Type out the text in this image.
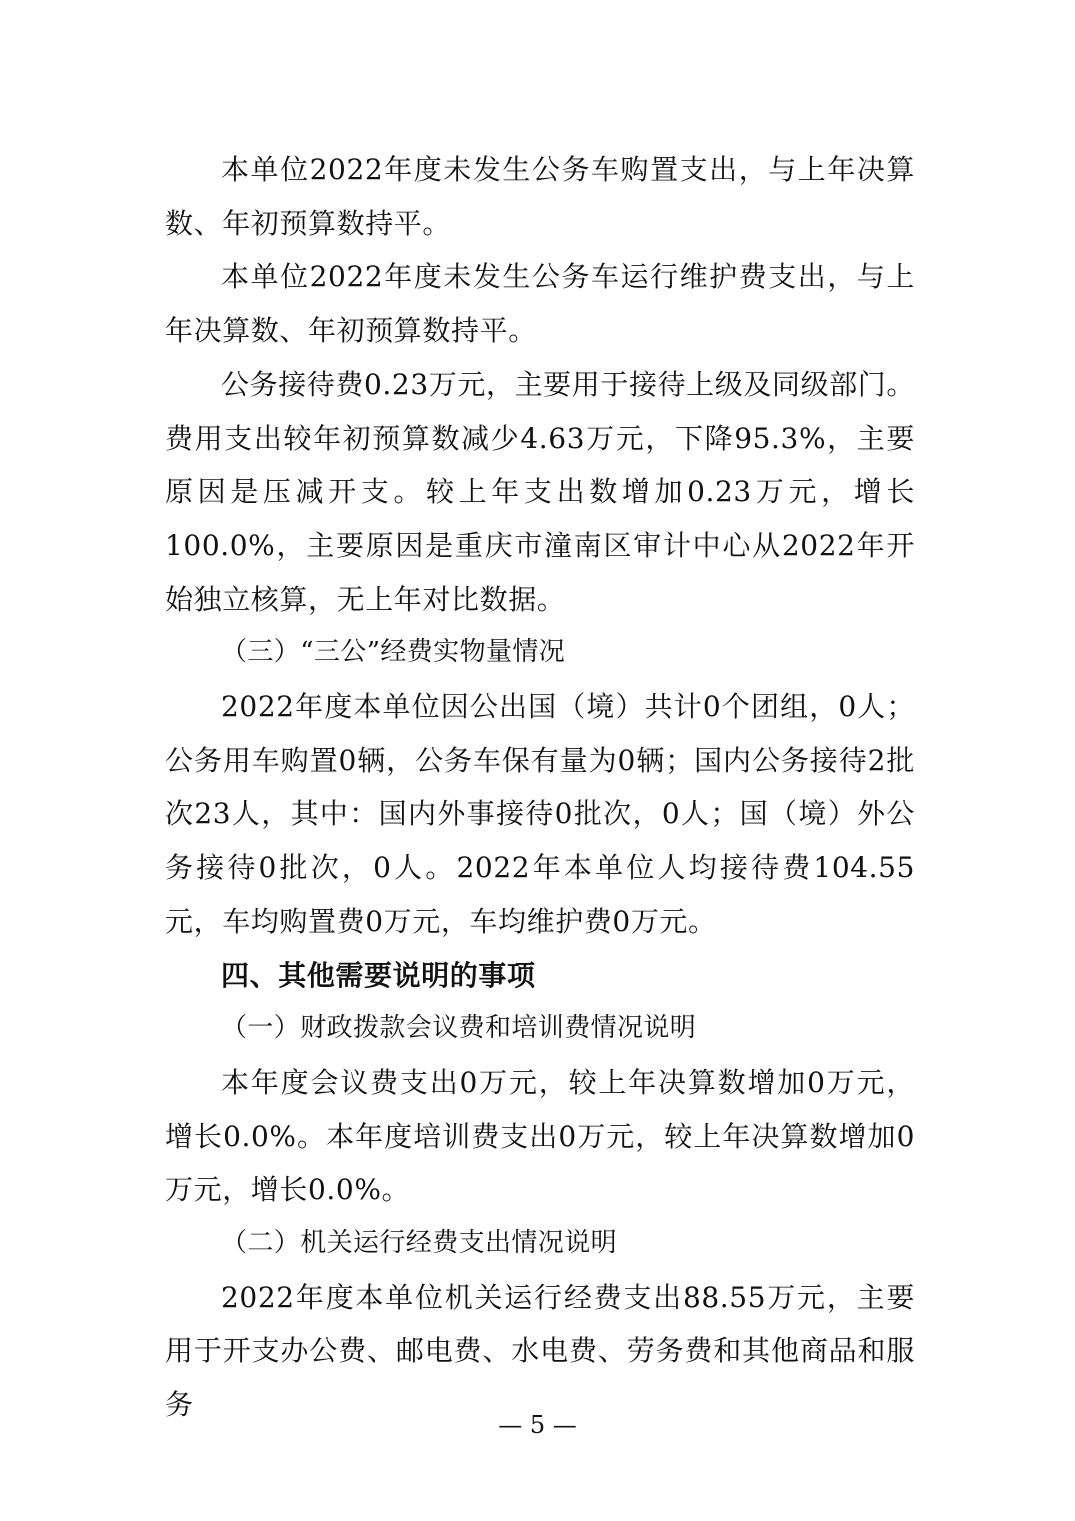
本单位2022年度未发生公务车购置支出，与上年决算数、年初预算数持平。

本单位2022年度未发生公务车运行维护费支出，与上年决算数、年初预算数持平。

公务接待费0.23万元，主要用于接待上级及同级部门。费用支出较年初预算数减少4.63万元，下降95.3%，主要原因是压减开支。较上年支出数增加0.23万元，增长100.0%，主要原因是重庆市潼南区审计中心从2022年开始独立核算，无上年对比数据。

（三）“三公”经费实物量情况

2022年度本单位因公出国（境）共计0个团组，0人；公务用车购置0辆，公务车保有量为0辆；国内公务接待2批次23人，其中：国内外事接待0批次，0人；国（境）外公务接待0批次，0人。2022年本单位人均接待费104.55元，车均购置费0万元，车均维护费0万元。

四、其他需要说明的事项

（一）财政拨款会议费和培训费情况说明

本年度会议费支出0万元，较上年决算数增加0万元，增长0.0%。本年度培训费支出0万元，较上年决算数增加0万元，增长0.0%。

（二）机关运行经费支出情况说明

2022年度本单位机关运行经费支出88.55万元，主要用于开支办公费、邮电费、水电费、劳务费和其他商品和服务

— 5 —
